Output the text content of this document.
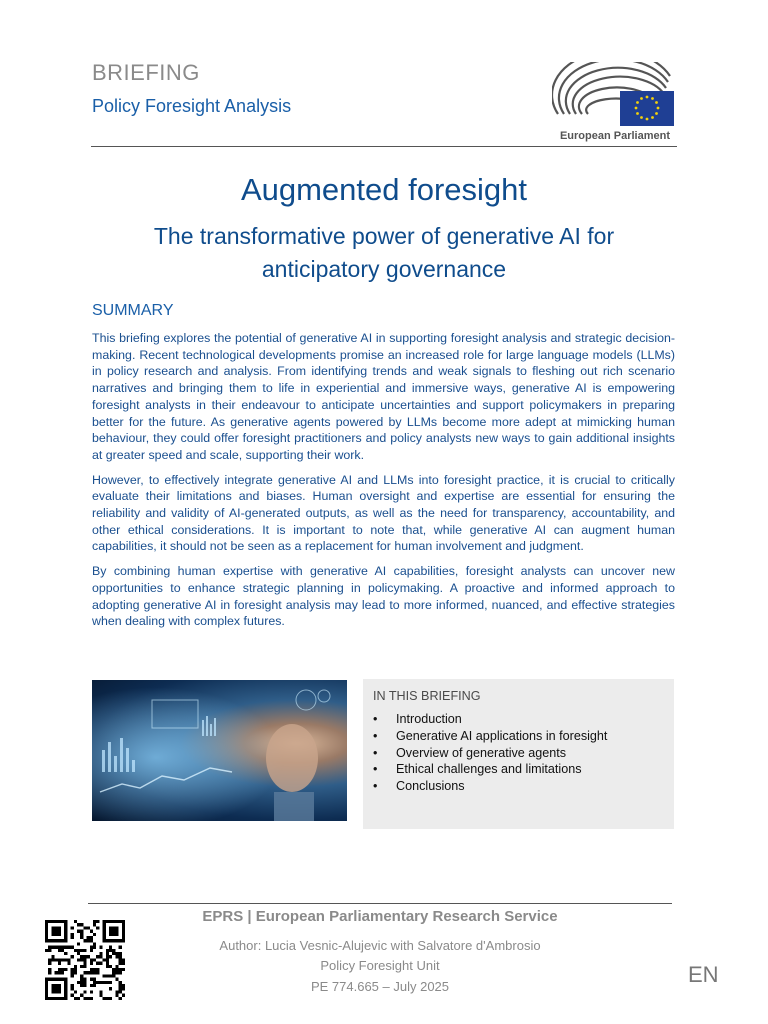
BRIEFING
Policy Foresight Analysis
European Parliament
Augmented foresight
The transformative power of generative AI for anticipatory governance
SUMMARY

This briefing explores the potential of generative AI in supporting foresight analysis and strategic decision-making. Recent technological developments promise an increased role for large language models (LLMs) in policy research and analysis. From identifying trends and weak signals to fleshing out rich scenario narratives and bringing them to life in experiential and immersive ways, generative AI is empowering foresight analysts in their endeavour to anticipate uncertainties and support policymakers in preparing better for the future. As generative agents powered by LLMs become more adept at mimicking human behaviour, they could offer foresight practitioners and policy analysts new ways to gain additional insights at greater speed and scale, supporting their work.

However, to effectively integrate generative AI and LLMs into foresight practice, it is crucial to critically evaluate their limitations and biases. Human oversight and expertise are essential for ensuring the reliability and validity of AI-generated outputs, as well as the need for transparency, accountability, and other ethical considerations. It is important to note that, while generative AI can augment human capabilities, it should not be seen as a replacement for human involvement and judgment.

By combining human expertise with generative AI capabilities, foresight analysts can uncover new opportunities to enhance strategic planning in policymaking. A proactive and informed approach to adopting generative AI in foresight analysis may lead to more informed, nuanced, and effective strategies when dealing with complex futures.

IN THIS BRIEFING
• Introduction
• Generative AI applications in foresight
• Overview of generative agents
• Ethical challenges and limitations
• Conclusions
EPRS | European Parliamentary Research Service
Author: Lucia Vesnic-Alujevic with Salvatore d'Ambrosio
Policy Foresight Unit
PE 774.665 – July 2025	EN
